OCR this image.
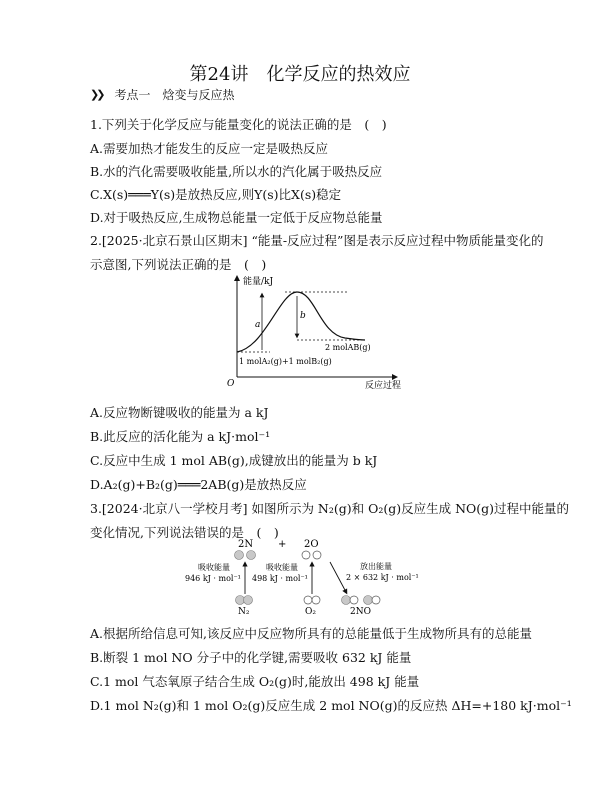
第24讲　化学反应的热效应
❯❯ 考点一　焓变与反应热
1.下列关于化学反应与能量变化的说法正确的是　(　)
A.需要加热才能发生的反应一定是吸热反应
B.水的汽化需要吸收能量,所以水的汽化属于吸热反应
C.X(s)═══Y(s)是放热反应,则Y(s)比X(s)稳定
D.对于吸热反应,生成物总能量一定低于反应物总能量
2.[2025·北京石景山区期末] “能量-反应过程”图是表示反应过程中物质能量变化的
示意图,下列说法正确的是　(　)
能量/kJ
O	反应过程
a
b
2 molAB(g)
1 molA₂(g)+1 molB₂(g)
A.反应物断键吸收的能量为 a kJ
B.此反应的活化能为 a kJ·mol⁻¹
C.反应中生成 1 mol AB(g),成键放出的能量为 b kJ
D.A₂(g)+B₂(g)═══2AB(g)是放热反应
3.[2024·北京八一学校月考] 如图所示为 N₂(g)和 O₂(g)反应生成 NO(g)过程中能量的
变化情况,下列说法错误的是　(　)
2N + 2O
吸收能量
946 kJ · mol⁻¹
吸收能量
498 kJ · mol⁻¹
放出能量
2 × 632 kJ · mol⁻¹
N₂	O₂	2NO
A.根据所给信息可知,该反应中反应物所具有的总能量低于生成物所具有的总能量
B.断裂 1 mol NO 分子中的化学键,需要吸收 632 kJ 能量
C.1 mol 气态氧原子结合生成 O₂(g)时,能放出 498 kJ 能量
D.1 mol N₂(g)和 1 mol O₂(g)反应生成 2 mol NO(g)的反应热 ΔH=+180 kJ·mol⁻¹
